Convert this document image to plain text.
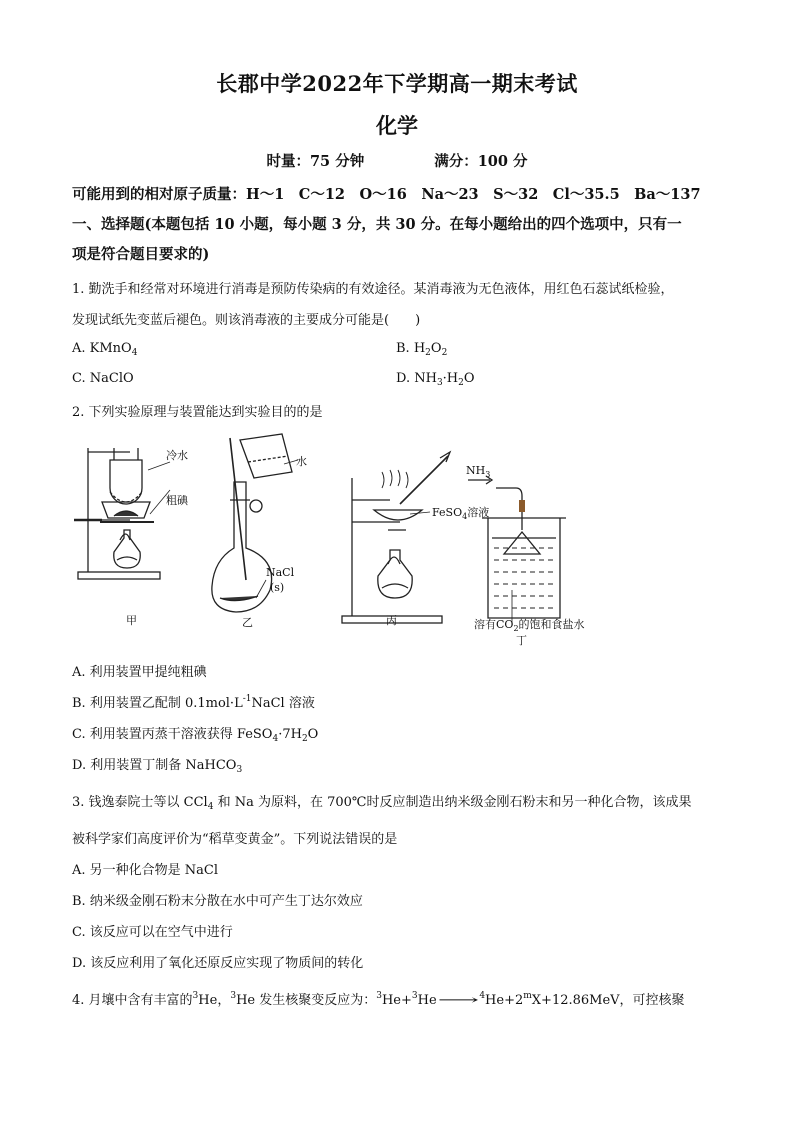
长郡中学2022年下学期高一期末考试
化学
时量：75 分钟	满分：100 分
可能用到的相对原子质量：H～1　C～12　O～16　Na～23　S～32　Cl～35.5　Ba～137
一、选择题(本题包括 10 小题，每小题 3 分，共 30 分。在每小题给出的四个选项中，只有一
项是符合题目要求的)
1. 勤洗手和经常对环境进行消毒是预防传染病的有效途径。某消毒液为无色液体，用红色石蕊试纸检验，
发现试纸先变蓝后褪色。则该消毒液的主要成分可能是(　　)
A. KMnO$_4$	B. $H_2O_2$
C. NaClO	D. $NH_3\cdot H_2O$
2. 下列实验原理与装置能达到实验目的的是
冷水
粗碘
水
NaCl
(s)
FeSO$_4$溶液
$NH_3$
溶有$CO_2$的饱和食盐水
甲	乙	丙
丁
A. 利用装置甲提纯粗碘
B. 利用装置乙配制 $0.1mol\cdot L^{-1}NaCl$ 溶液
C. 利用装置丙蒸干溶液获得 $FeSO_4\cdot 7H_2O$
D. 利用装置丁制备 NaHCO$_3$
3. 钱逸泰院士等以 CCl$_4$ 和 Na 为原料，在 700℃时反应制造出纳米级金刚石粉末和另一种化合物，该成果
被科学家们高度评价为“稻草变黄金”。下列说法错误的是
A. 另一种化合物是 NaCl
B. 纳米级金刚石粉末分散在水中可产生丁达尔效应
C. 该反应可以在空气中进行
D. 该反应利用了氧化还原反应实现了物质间的转化
4. 月壤中含有丰富的$^3$He，$^3$He 发生核聚变反应为：$^3He+^3He⟶^4He+2^mX+12.86MeV$，可控核聚
